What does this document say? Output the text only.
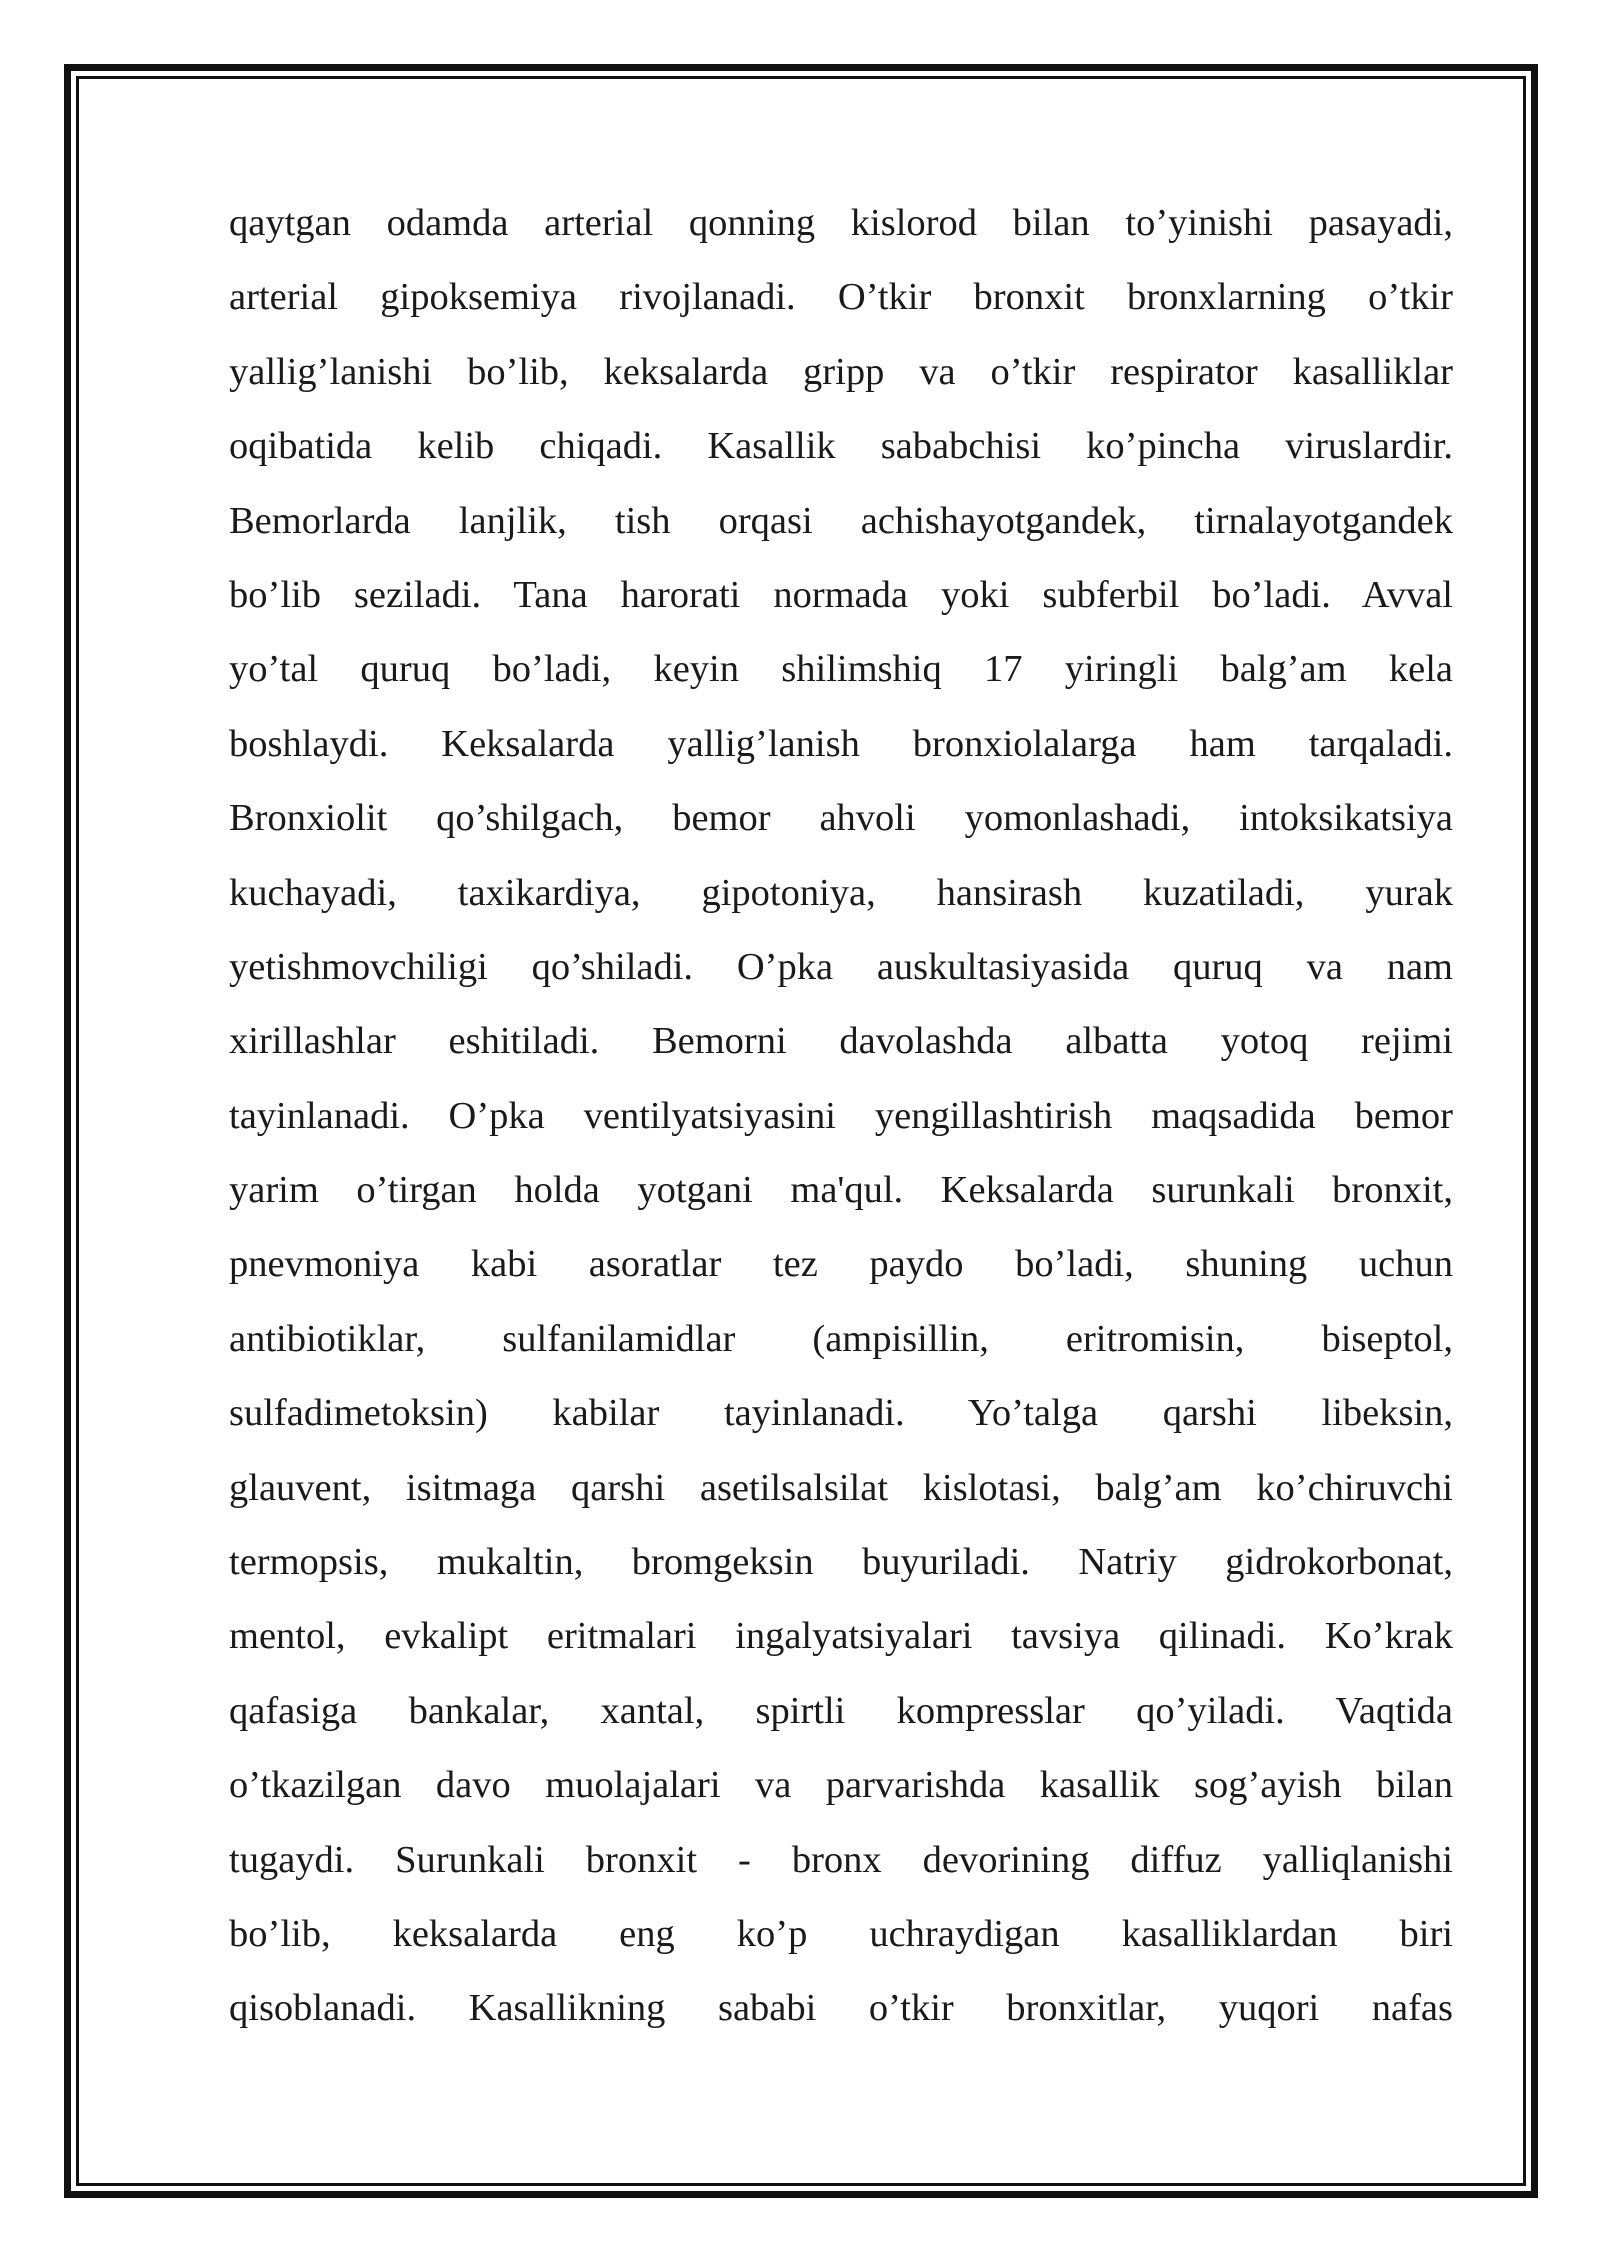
qaytgan odamda arterial qonning kislorod bilan to’yinishi pasayadi,
arterial gipoksemiya rivojlanadi. O’tkir bronxit bronxlarning o’tkir
yallig’lanishi bo’lib, keksalarda gripp va o’tkir respirator kasalliklar
oqibatida kelib chiqadi. Kasallik sababchisi ko’pincha viruslardir.
Bemorlarda lanjlik, tish orqasi achishayotgandek, tirnalayotgandek
bo’lib seziladi. Tana harorati normada yoki subferbil bo’ladi. Avval
yo’tal quruq bo’ladi, keyin shilimshiq 17 yiringli balg’am kela
boshlaydi. Keksalarda yallig’lanish bronxiolalarga ham tarqaladi.
Bronxiolit qo’shilgach, bemor ahvoli yomonlashadi, intoksikatsiya
kuchayadi, taxikardiya, gipotoniya, hansirash kuzatiladi, yurak
yetishmovchiligi qo’shiladi. O’pka auskultasiyasida quruq va nam
xirillashlar eshitiladi. Bemorni davolashda albatta yotoq rejimi
tayinlanadi. O’pka ventilyatsiyasini yengillashtirish maqsadida bemor
yarim o’tirgan holda yotgani ma'qul. Keksalarda surunkali bronxit,
pnevmoniya kabi asoratlar tez paydo bo’ladi, shuning uchun
antibiotiklar, sulfanilamidlar (ampisillin, eritromisin, biseptol,
sulfadimetoksin) kabilar tayinlanadi. Yo’talga qarshi libeksin,
glauvent, isitmaga qarshi asetilsalsilat kislotasi, balg’am ko’chiruvchi
termopsis, mukaltin, bromgeksin buyuriladi. Natriy gidrokorbonat,
mentol, evkalipt eritmalari ingalyatsiyalari tavsiya qilinadi. Ko’krak
qafasiga bankalar, xantal, spirtli kompresslar qo’yiladi. Vaqtida
o’tkazilgan davo muolajalari va parvarishda kasallik sog’ayish bilan
tugaydi. Surunkali bronxit - bronx devorining diffuz yalliqlanishi
bo’lib, keksalarda eng ko’p uchraydigan kasalliklardan biri
qisoblanadi. Kasallikning sababi o’tkir bronxitlar, yuqori nafas
